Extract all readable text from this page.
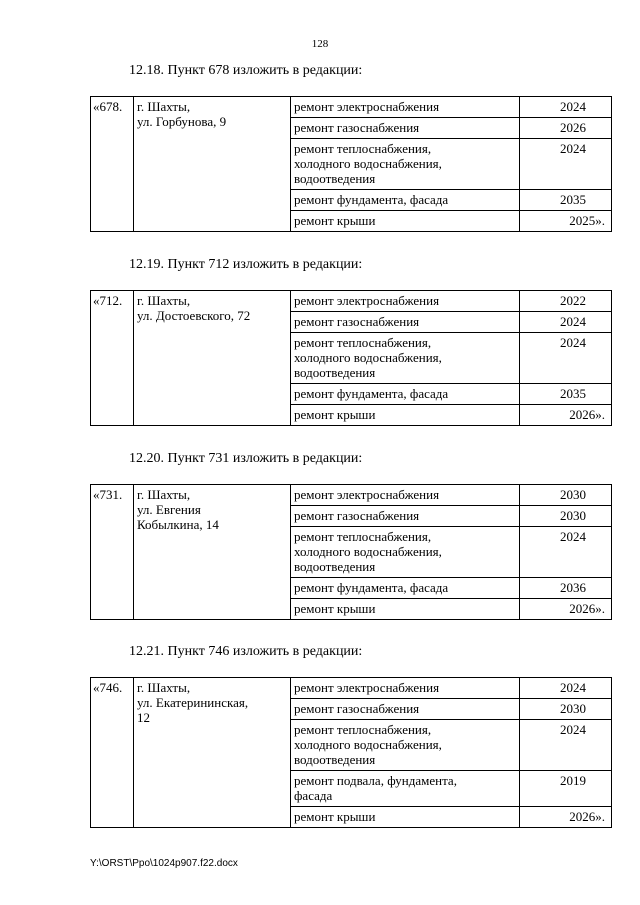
128
12.18. Пункт 678 изложить в редакции:
«678.	г. Шахты,
ул. Горбунова, 9	ремонт электроснабжения	2024
		ремонт газоснабжения	2026
		ремонт теплоснабжения,
холодного водоснабжения,
водоотведения	2024
		ремонт фундамента, фасада	2035
		ремонт крыши	2025».
12.19. Пункт 712 изложить в редакции:
«712.	г. Шахты,
ул. Достоевского, 72	ремонт электроснабжения	2022
		ремонт газоснабжения	2024
		ремонт теплоснабжения,
холодного водоснабжения,
водоотведения	2024
		ремонт фундамента, фасада	2035
		ремонт крыши	2026».
12.20. Пункт 731 изложить в редакции:
«731.	г. Шахты,
ул. Евгения
Кобылкина, 14	ремонт электроснабжения	2030
		ремонт газоснабжения	2030
		ремонт теплоснабжения,
холодного водоснабжения,
водоотведения	2024
		ремонт фундамента, фасада	2036
		ремонт крыши	2026».
12.21. Пункт 746 изложить в редакции:
«746.	г. Шахты,
ул. Екатерининская,
12	ремонт электроснабжения	2024
		ремонт газоснабжения	2030
		ремонт теплоснабжения,
холодного водоснабжения,
водоотведения	2024
		ремонт подвала, фундамента,
фасада	2019
		ремонт крыши	2026».
Y:\ORST\Ppo\1024p907.f22.docx
